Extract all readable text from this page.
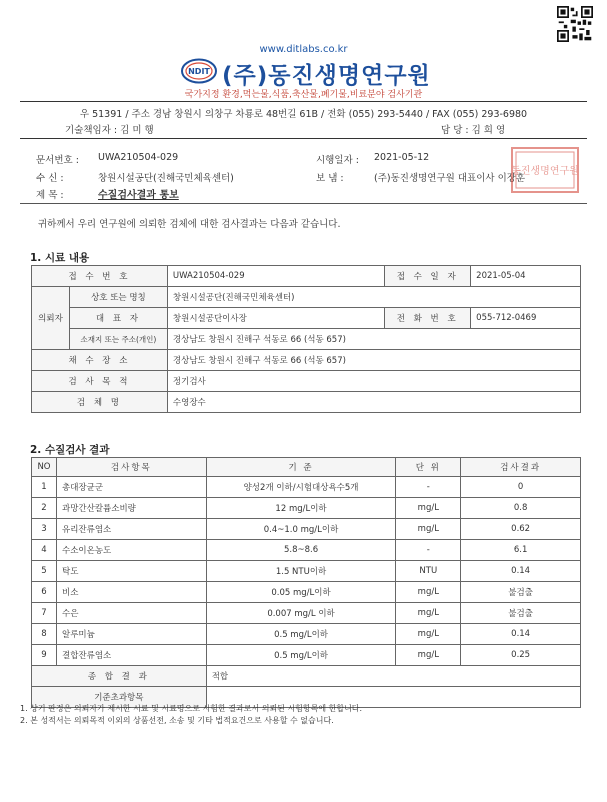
www.ditlabs.co.kr
NDIT (주)동진생명연구원
국가지정 환경,먹는물,식품,축산물,폐기물,비료분야 검사기관
우 51391 / 주소 경남 창원시 의창구 차룡로 48번길 61B / 전화 (055) 293-5440 / FAX (055) 293-6980
기술책임자 : 김 미 행	담 당 : 김 희 영
문서번호 : UWA210504-029	시행일자 : 2021-05-12
수 신 :	창원시설공단(진해국민체육센터)	보 냄 :	(주)동진생명연구원 대표이사 이장훈
제 목 :	수질검사결과 통보
동진생명연구원
귀하께서 우리 연구원에 의뢰한 검체에 대한 검사결과는 다음과 같습니다.
1. 시료 내용
접 수 번 호		UWA210504-029	접 수 일 자	2021-05-04
의뢰자	상호 또는 명칭	창원시설공단(진해국민체육센터)		
	대 표 자	창원시설공단이사장	전 화 번 호	055-712-0469
	소재지 또는 주소(개인)	경상남도 창원시 진해구 석동로 66 (석동 657)		
채 수 장 소		경상남도 창원시 진해구 석동로 66 (석동 657)		
검 사 목 적		정기검사		
검 체 명		수영장수		
2. 수질검사 결과
NO	검사항목	기 준	단 위	검사결과
1	총대장균군	양성2개 이하/시험대상욕수5개	-	0
2	과망간산칼륨소비량	12 mg/L이하	mg/L	0.8
3	유리잔류염소	0.4~1.0 mg/L이하	mg/L	0.62
4	수소이온농도	5.8~8.6	-	6.1
5	탁도	1.5 NTU이하	NTU	0.14
6	비소	0.05 mg/L이하	mg/L	불검출
7	수은	0.007 mg/L 이하	mg/L	불검출
8	알루미늄	0.5 mg/L이하	mg/L	0.14
9	결합잔류염소	0.5 mg/L이하	mg/L	0.25
종 합 결 과		적합		
기준초과항목				
1. 상기 판정은 의뢰자가 제시한 시료 및 시료명으로 시험한 결과로서 의뢰된 시험항목에 한합니다.
2. 본 성적서는 의뢰목적 이외의 상품선전, 소송 및 기타 법적요건으로 사용할 수 없습니다.
